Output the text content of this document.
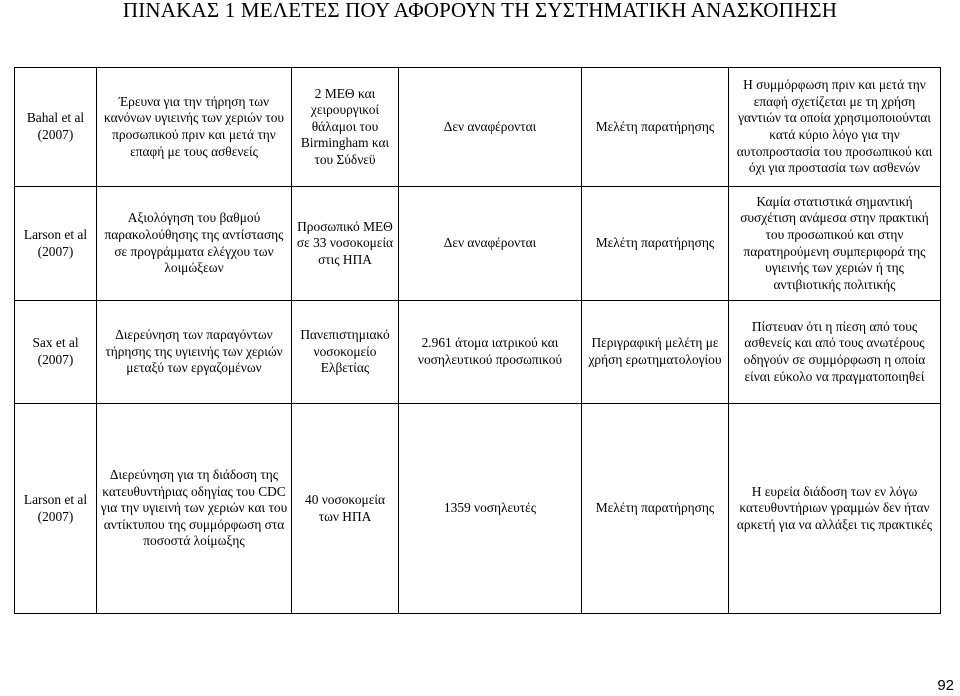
ΠΙΝΑΚΑΣ 1 ΜΕΛΕΤΕΣ ΠΟΥ ΑΦΟΡΟΥΝ ΤΗ ΣΥΣΤΗΜΑΤΙΚΗ ΑΝΑΣΚΟΠΗΣΗ
Bahal et al (2007)	Έρευνα για την τήρηση των κανόνων υγιεινής των χεριών του προσωπικού πριν και μετά την επαφή με τους ασθενείς	2 ΜΕΘ και χειρουργικοί θάλαμοι του Birmingham και του Σύδνεϋ	Δεν αναφέρονται	Μελέτη παρατήρησης	Η συμμόρφωση πριν και μετά την επαφή σχετίζεται με τη χρήση γαντιών τα οποία χρησιμοποιούνται κατά κύριο λόγο για την αυτοπροστασία του προσωπικού και όχι για προστασία των ασθενών
Larson et al (2007)	Αξιολόγηση του βαθμού παρακολούθησης της αντίστασης σε προγράμματα ελέγχου των λοιμώξεων	Προσωπικό ΜΕΘ σε 33 νοσοκομεία στις ΗΠΑ	Δεν αναφέρονται	Μελέτη παρατήρησης	Καμία στατιστικά σημαντική συσχέτιση ανάμεσα στην πρακτική του προσωπικού και στην παρατηρούμενη συμπεριφορά της υγιεινής των χεριών ή της αντιβιοτικής πολιτικής
Sax et al (2007)	Διερεύνηση των παραγόντων τήρησης της υγιεινής των χεριών μεταξύ των εργαζομένων	Πανεπιστημιακό νοσοκομείο Ελβετίας	2.961 άτομα ιατρικού και νοσηλευτικού προσωπικού	Περιγραφική μελέτη με χρήση ερωτηματολογίου	Πίστευαν ότι η πίεση από τους ασθενείς και από τους ανωτέρους οδηγούν σε συμμόρφωση η οποία είναι εύκολο να πραγματοποιηθεί
Larson et al (2007)	Διερεύνηση για τη διάδοση της κατευθυντήριας οδηγίας του CDC για την υγιεινή των χεριών και του αντίκτυπου της συμμόρφωση στα ποσοστά λοίμωξης	40 νοσοκομεία των ΗΠΑ	1359 νοσηλευτές	Μελέτη παρατήρησης	Η ευρεία διάδοση των εν λόγω κατευθυντήριων γραμμών δεν ήταν αρκετή για να αλλάξει τις πρακτικές
92
